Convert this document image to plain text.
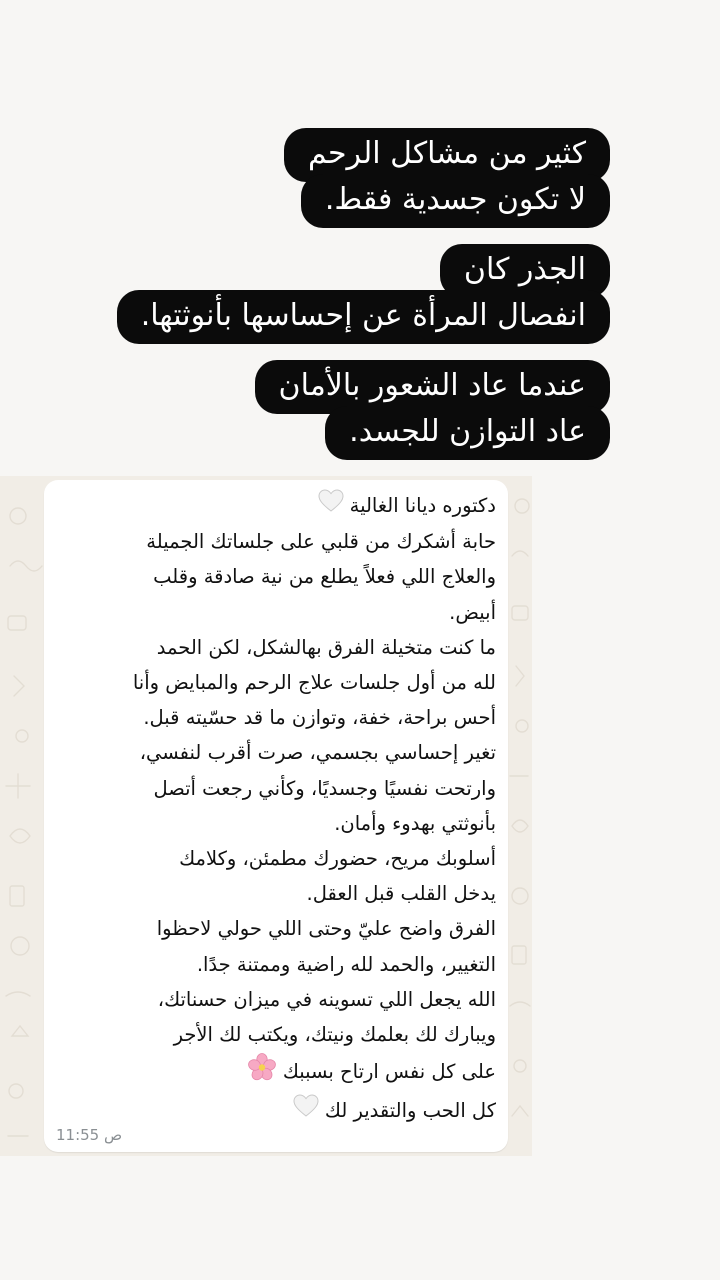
كثير من مشاكل الرحم
لا تكون جسدية فقط.
الجذر كان
انفصال المرأة عن إحساسها بأنوثتها.
عندما عاد الشعور بالأمان
عاد التوازن للجسد.
دكتوره ديانا الغالية
حابة أشكرك من قلبي على جلساتك الجميلة
والعلاج اللي فعلاً يطلع من نية صادقة وقلب
أبيض.
ما كنت متخيلة الفرق بهالشكل، لكن الحمد
لله من أول جلسات علاج الرحم والمبايض وأنا
أحس براحة، خفة، وتوازن ما قد حسّيته قبل.
تغير إحساسي بجسمي، صرت أقرب لنفسي،
وارتحت نفسيًا وجسديًا، وكأني رجعت أتصل
بأنوثتي بهدوء وأمان.
أسلوبك مريح، حضورك مطمئن، وكلامك
يدخل القلب قبل العقل.
الفرق واضح عليّ وحتى اللي حولي لاحظوا
التغيير، والحمد لله راضية وممتنة جدًا.
الله يجعل اللي تسوينه في ميزان حسناتك،
ويبارك لك بعلمك ونيتك، ويكتب لك الأجر
على كل نفس ارتاح بسببك
كل الحب والتقدير لك
11:55 ص
